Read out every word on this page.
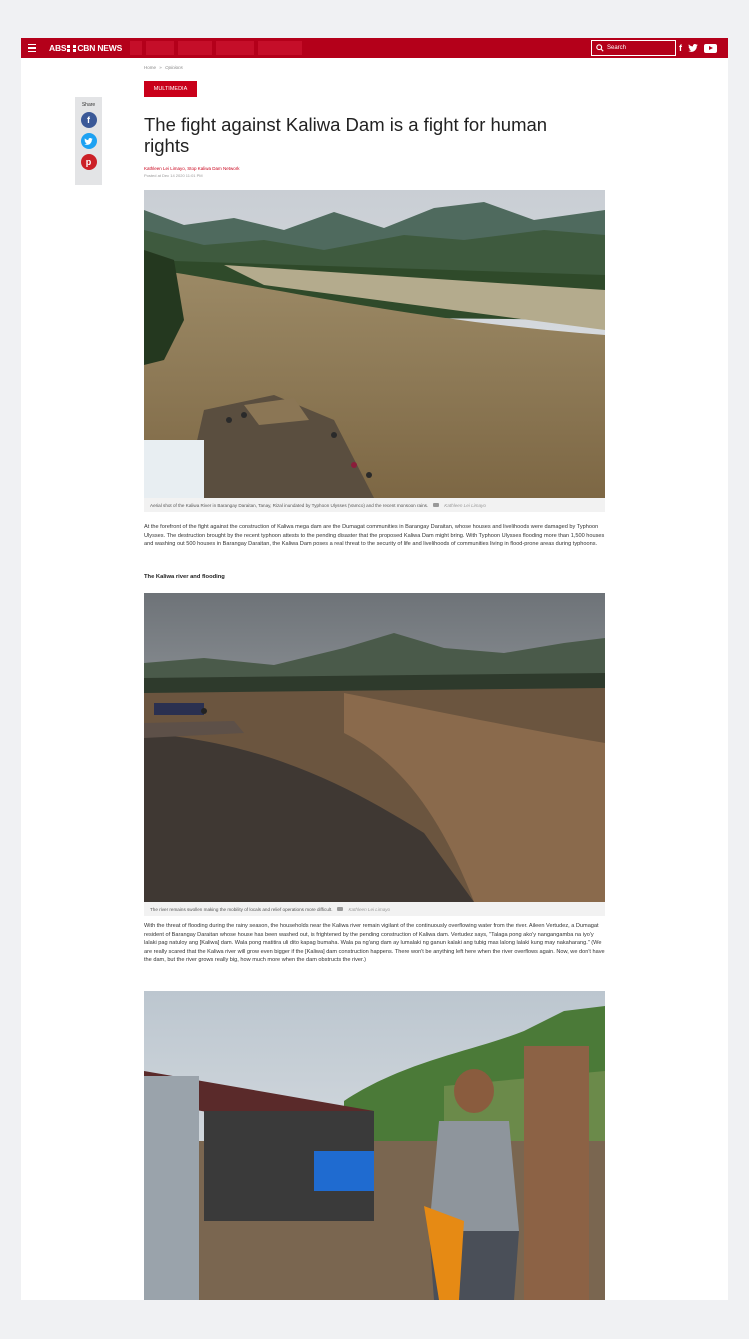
ABS CBN NEWS	Search	f
Home » Opinions
MULTIMEDIA
Share
f
p
The fight against Kaliwa Dam is a fight for human rights
Kathleen Lei Limayo, Stop Kaliwa Dam Network
Posted at Dec 14 2020 11:01 PM
Aerial shot of the Kaliwa River in Barangay Daraitan, Tanay, Rizal inundated by Typhoon Ulysses (Vamco) and the recent monsoon rains.	Kathleen Lei Limayo

At the forefront of the fight against the construction of Kaliwa mega dam are the Dumagat communities in Barangay Daraitan, whose houses and livelihoods were damaged by Typhoon Ulysses. The destruction brought by the recent typhoon attests to the pending disaster that the proposed Kaliwa Dam might bring. With Typhoon Ulysses flooding more than 1,500 houses and washing out 500 houses in Barangay Daraitan, the Kaliwa Dam poses a real threat to the security of life and livelihoods of communities living in flood-prone areas during typhoons.

The Kaliwa river and flooding
The river remains swollen making the mobility of locals and relief operations more difficult.	Kathleen Lei Limayo

With the threat of flooding during the rainy season, the households near the Kaliwa river remain vigilant of the continuously overflowing water from the river. Aileen Vertudez, a Dumagat resident of Barangay Daraitan whose house has been washed out, is frightened by the pending construction of Kaliwa dam. Vertudez says, "Talaga pong ako'y nangangamba na iyo'y lalaki pag natuloy ang [Kaliwa] dam. Wala pong matitira uli dito kapag bumaha. Wala pa ng'ang dam ay lumalaki ng ganun kalaki ang tubig mas lalong lalaki kung may nakaharang." (We are really scared that the Kaliwa river will grow even bigger if the [Kaliwa] dam construction happens. There won't be anything left here when the river overflows again. Now, we don't have the dam, but the river grows really big, how much more when the dam obstructs the river.)
